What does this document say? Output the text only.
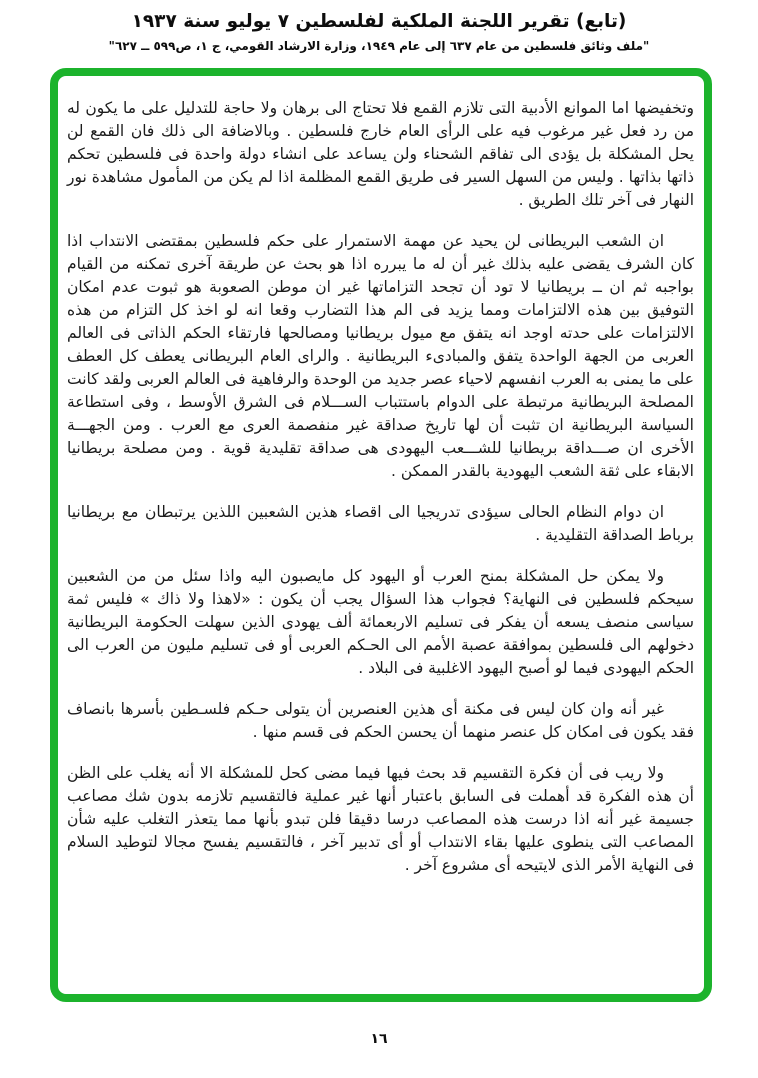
(تابع) تقرير اللجنة الملكية لفلسطين ٧ يوليو سنة ١٩٣٧
"ملف وثائق فلسطين من عام ٦٣٧ إلى عام ١٩٤٩، وزارة الارشاد القومي، ج ١، ص٥٩٩ ــ ٦٢٧"

وتخفيضها اما الموانع الأدبية التى تلازم القمع فلا تحتاج الى برهان ولا حاجة للتدليل على ما يكون له من رد فعل غير مرغوب فيه على الرأى العام خارج فلسطين . وبالاضافة الى ذلك فان القمع لن يحل المشكلة بل يؤدى الى تفاقم الشحناء ولن يساعد على انشاء دولة واحدة فى فلسطين تحكم ذاتها بذاتها . وليس من السهل السير فى طريق القمع المظلمة اذا لم يكن من المأمول مشاهدة نور النهار فى آخر تلك الطريق .

ان الشعب البريطانى لن يحيد عن مهمة الاستمرار على حكم فلسطين بمقتضى الانتداب اذا كان الشرف يقضى عليه بذلك غير أن له ما يبرره اذا هو بحث عن طريقة آخرى تمكنه من القيام بواجبه ثم ان ــ بريطانيا لا تود أن تجحد التزاماتها غير ان موطن الصعوبة هو ثبوت عدم امكان التوفيق بين هذه الالتزامات ومما يزيد فى الم هذا التضارب وقعا انه لو اخذ كل التزام من هذه الالتزامات على حدته اوجد انه يتفق مع ميول بريطانيا ومصالحها فارتقاء الحكم الذاتى فى العالم العربى من الجهة الواحدة يتفق والمبادىء البريطانية . والراى العام البريطانى يعطف كل العطف على ما يمنى به العرب انفسهم لاحياء عصر جديد من الوحدة والرفاهية فى العالم العربى ولقد كانت المصلحة البريطانية مرتبطة على الدوام باستتباب الســـلام فى الشرق الأوسط ، وفى استطاعة السياسة البريطانية ان تثبت أن لها تاريخ صداقة غير منفصمة العرى مع العرب . ومن الجهـــة الأخرى ان صـــداقة بريطانيا للشـــعب اليهودى هى صداقة تقليدية قوية . ومن مصلحة بريطانيا الابقاء على ثقة الشعب اليهودية بالقدر الممكن .

ان دوام النظام الحالى سيؤدى تدريجيا الى اقصاء هذين الشعبين اللذين يرتبطان مع بريطانيا برباط الصداقة التقليدية .

ولا يمكن حل المشكلة بمنح العرب أو اليهود كل مايصبون اليه واذا سئل من من الشعبين سيحكم فلسطين فى النهاية؟ فجواب هذا السؤال يجب أن يكون : «لاهذا ولا ذاك » فليس ثمة سياسى منصف يسعه أن يفكر فى تسليم الاربعمائة ألف يهودى الذين سهلت الحكومة البريطانية دخولهم الى فلسطين بموافقة عصبة الأمم الى الحـكم العربى أو فى تسليم مليون من العرب الى الحكم اليهودى فيما لو أصبح اليهود الاغلبية فى البلاد .

غير أنه وان كان ليس فى مكنة أى هذين العنصرين أن يتولى حـكم فلسـطين بأسرها بانصاف فقد يكون فى امكان كل عنصر منهما أن يحسن الحكم فى قسم منها .

ولا ريب فى أن فكرة التقسيم قد بحث فيها فيما مضى كحل للمشكلة الا أنه يغلب على الظن أن هذه الفكرة قد أهملت فى السابق باعتبار أنها غير عملية فالتقسيم تلازمه بدون شك مصاعب جسيمة غير أنه اذا درست هذه المصاعب درسا دقيقا فلن تبدو بأنها مما يتعذر التغلب عليه شأن المصاعب التى ينطوى عليها بقاء الانتداب أو أى تدبير آخر ، فالتقسيم يفسح مجالا لتوطيد السلام فى النهاية الأمر الذى لايتيحه أى مشروع آخر .

١٦
